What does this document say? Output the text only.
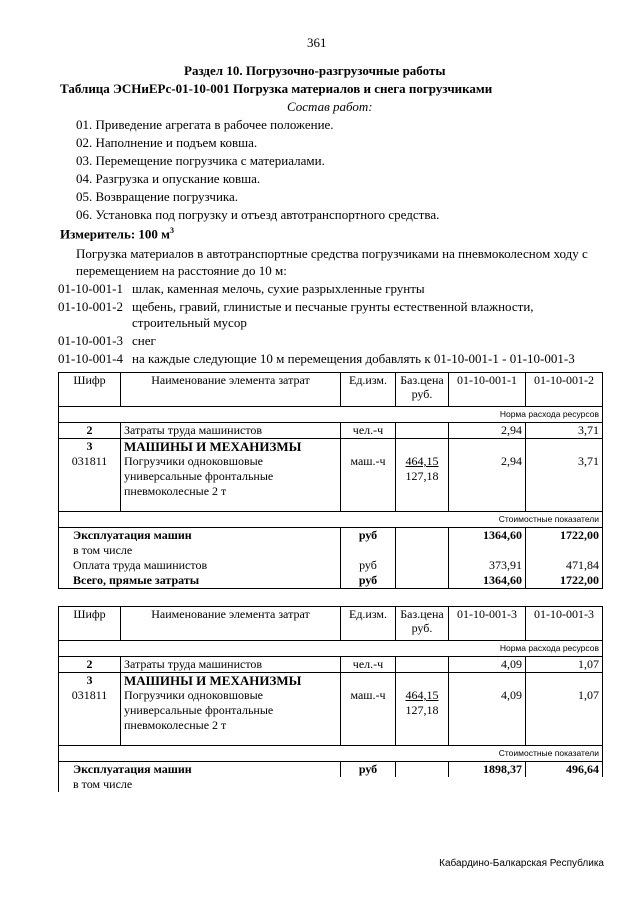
361
Раздел 10. Погрузочно-разгрузочные работы
Таблица ЭСНиЕРс-01-10-001 Погрузка материалов и снега погрузчиками
Состав работ:
01. Приведение агрегата в рабочее положение.
02. Наполнение и подъем ковша.
03. Перемещение погрузчика с материалами.
04. Разгрузка и опускание ковша.
05. Возвращение погрузчика.
06. Установка под погрузку и отъезд автотранспортного средства.
Измеритель: 100 $м^3$
Погрузка материалов в автотранспортные средства погрузчиками на пневмоколесном ходу с
перемещением на расстояние до 10 м:
01-10-001-1 шлак, каменная мелочь, сухие разрыхленные грунты
01-10-001-2 щебень, гравий, глинистые и песчаные грунты естественной влажности,
строительный мусор
01-10-001-3 снег
01-10-001-4 на каждые следующие 10 м перемещения добавлять к 01-10-001-1 - 01-10-001-3
Шифр	Наименование элемента затрат	Ед.изм.	Баз.цена
руб.	01-10-001-1	01-10-001-2
Норма расхода ресурсов					
2	Затраты труда машинистов	чел.-ч		2,94	3,71
3	МАШИНЫ И МЕХАНИЗМЫ				
031811	Погрузчики одноковшовые
универсальные фронтальные
пневмоколесные 2 т	маш.-ч	464,15
127,18	2,94	3,71

Стоимостные показатели					
Эксплуатация машин		руб		1364,60	1722,00
в том числе					
Оплата труда машинистов		руб		373,91	471,84
Всего, прямые затраты		руб		1364,60	1722,00
Шифр	Наименование элемента затрат	Ед.изм.	Баз.цена
руб.	01-10-001-3	01-10-001-3
Норма расхода ресурсов					
2	Затраты труда машинистов	чел.-ч		4,09	1,07
3	МАШИНЫ И МЕХАНИЗМЫ				
031811	Погрузчики одноковшовые
универсальные фронтальные
пневмоколесные 2 т	маш.-ч	464,15
127,18	4,09	1,07

Стоимостные показатели					
Эксплуатация машин		руб		1898,37	496,64
в том числе					
Кабардино-Балкарская Республика
